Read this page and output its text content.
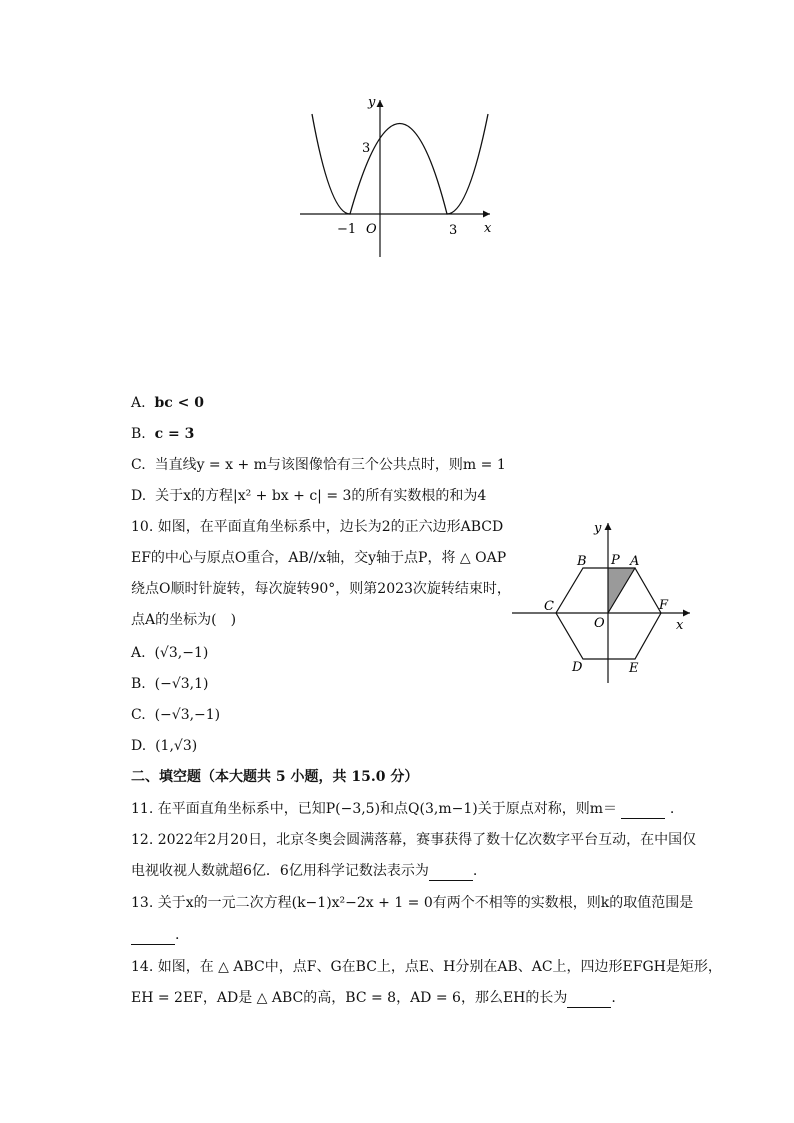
y
x
O
3
−1	3
A. bc < 0
B. c = 3
C. 当直线y = x + m与该图像恰有三个公共点时，则m = 1
D. 关于x的方程|x² + bx + c| = 3的所有实数根的和为4
10. 如图，在平面直角坐标系中，边长为2的正六边形ABCD
EF的中心与原点O重合，AB//x轴，交y轴于点P，将 △ OAP
绕点O顺时针旋转，每次旋转90°，则第2023次旋转结束时，
点A的坐标为(　)
A. (√3,−1)
B. (−√3,1)
C. (−√3,−1)
D. (1,√3)
y
x
O
A
B
C
D	E
F
P
二、填空题（本大题共 5 小题，共 15.0 分）
11. 在平面直角坐标系中，已知P(−3,5)和点Q(3,m−1)关于原点对称，则m＝	.
12. 2022年2月20日，北京冬奥会圆满落幕，赛事获得了数十亿次数字平台互动，在中国仅
电视收视人数就超6亿．6亿用科学记数法表示为	.
13. 关于x的一元二次方程(k−1)x²−2x + 1 = 0有两个不相等的实数根，则k的取值范围是
.
14. 如图，在 △ ABC中，点F、G在BC上，点E、H分别在AB、AC上，四边形EFGH是矩形，
EH = 2EF，AD是 △ ABC的高，BC = 8，AD = 6，那么EH的长为	.
